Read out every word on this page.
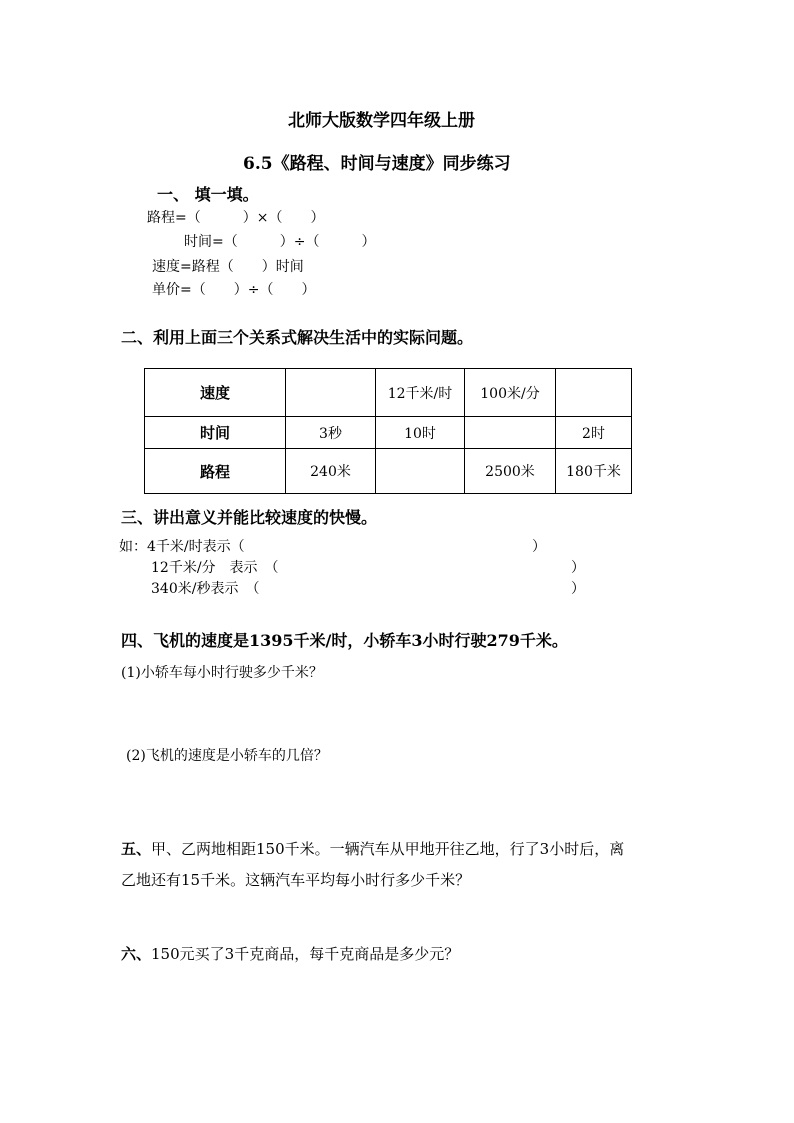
北师大版数学四年级上册
6.5《路程、时间与速度》同步练习
一、 填一填。
路程=（　　　）×（　　）
时间=（　　　）÷（　　　）
速度=路程（　　）时间
单价=（　　）÷（　　）
二、利用上面三个关系式解决生活中的实际问题。
速度		12千米/时	100米/分	
时间	3秒	10时		2时
路程	240米		2500米	180千米
三、讲出意义并能比较速度的快慢。
如：4千米/时表示（	）
12千米/分　表示　（	）
340米/秒表示　（	）
四、飞机的速度是1395千米/时，小轿车3小时行驶279千米。
(1)小轿车每小时行驶多少千米？
(2)飞机的速度是小轿车的几倍？
五、甲、乙两地相距150千米。一辆汽车从甲地开往乙地，行了3小时后，离
乙地还有15千米。这辆汽车平均每小时行多少千米？
六、150元买了3千克商品，每千克商品是多少元？
